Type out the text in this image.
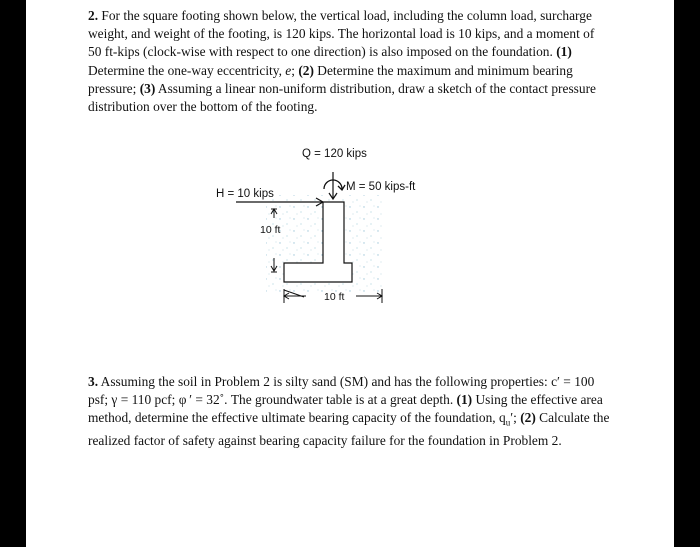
2. For the square footing shown below, the vertical load, including the column load, surcharge weight, and weight of the footing, is 120 kips. The horizontal load is 10 kips, and a moment of 50 ft-kips (clock-wise with respect to one direction) is also imposed on the foundation. (1) Determine the one-way eccentricity, e; (2) Determine the maximum and minimum bearing pressure; (3) Assuming a linear non-uniform distribution, draw a sketch of the contact pressure distribution over the bottom of the footing.
Q = 120 kips
M = 50 kips-ft
H = 10 kips
10 ft
10 ft
3. Assuming the soil in Problem 2 is silty sand (SM) and has the following properties: c′ = 100 psf; γ = 110 pcf; φ ′ = 32˚. The groundwater table is at a great depth. (1) Using the effective area method, determine the effective ultimate bearing capacity of the foundation, $q_u'$; (2) Calculate the realized factor of safety against bearing capacity failure for the foundation in Problem 2.
